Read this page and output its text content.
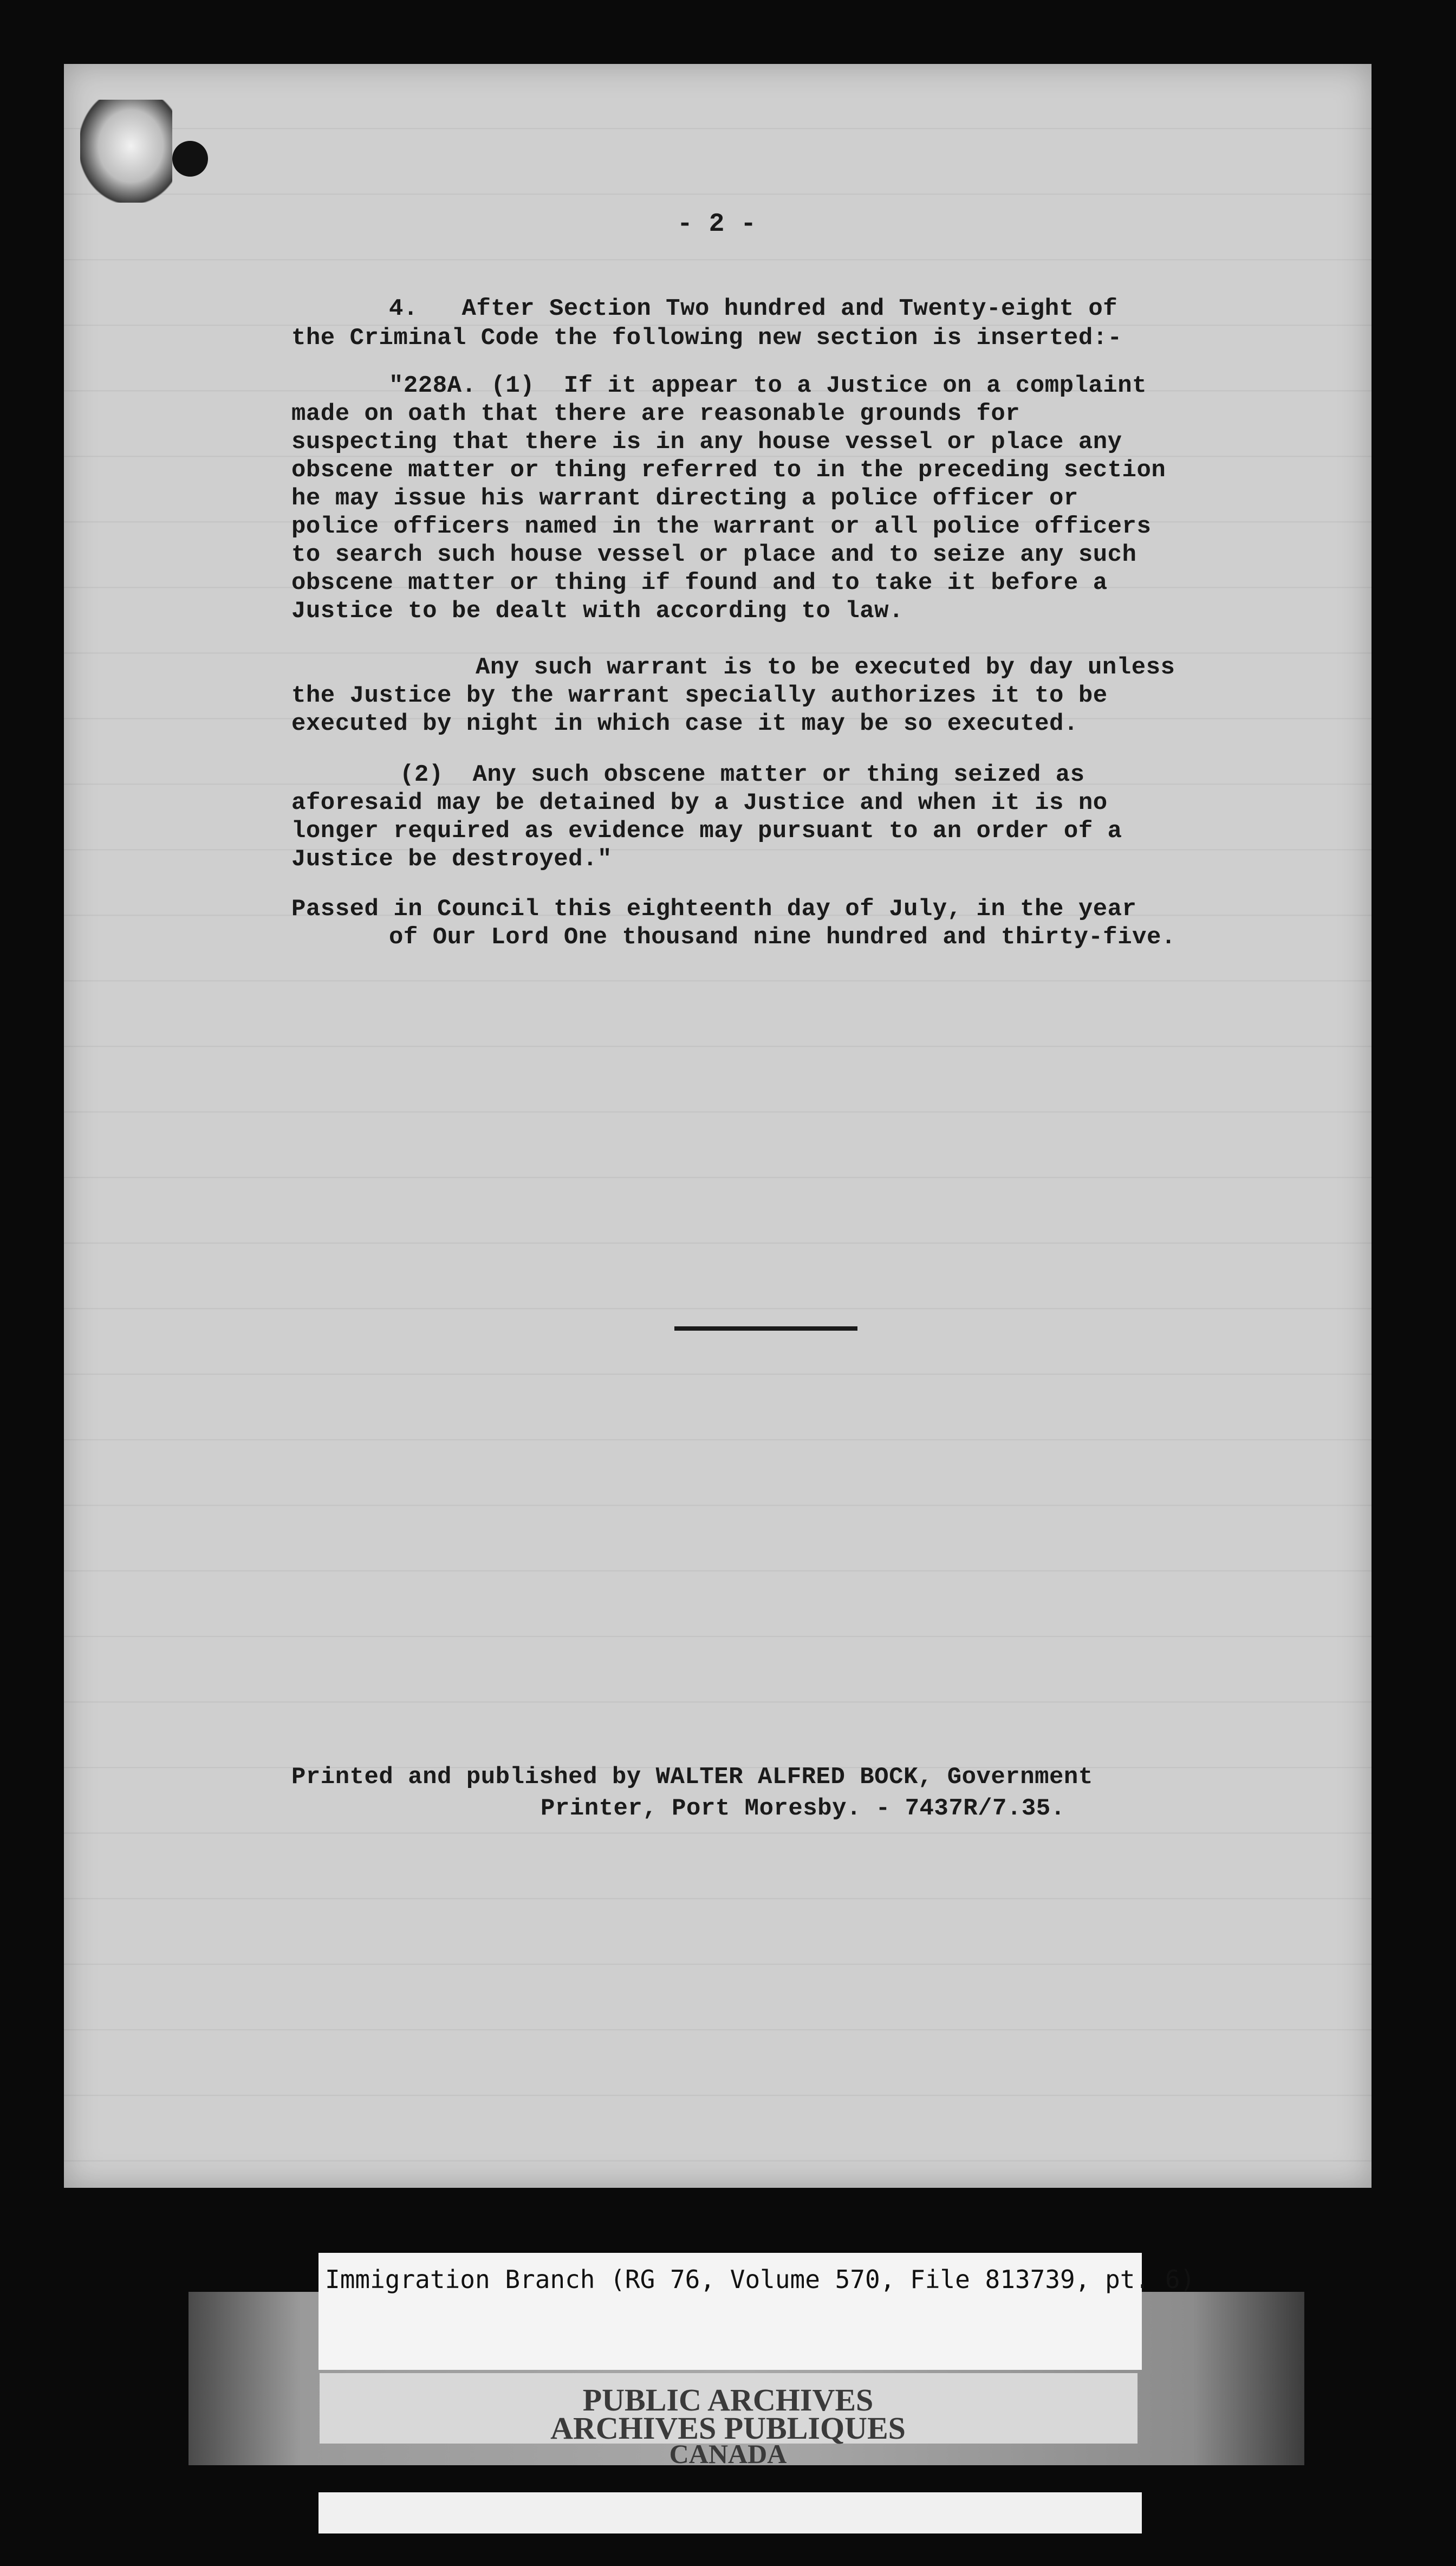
- 2 -
4.   After Section Two hundred and Twenty-eight of
the Criminal Code the following new section is inserted:-
"228A. (1)  If it appear to a Justice on a complaint
made on oath that there are reasonable grounds for
suspecting that there is in any house vessel or place any
obscene matter or thing referred to in the preceding section
he may issue his warrant directing a police officer or
police officers named in the warrant or all police officers
to search such house vessel or place and to seize any such
obscene matter or thing if found and to take it before a
Justice to be dealt with according to law.
Any such warrant is to be executed by day unless
the Justice by the warrant specially authorizes it to be
executed by night in which case it may be so executed.
(2)  Any such obscene matter or thing seized as
aforesaid may be detained by a Justice and when it is no
longer required as evidence may pursuant to an order of a
Justice be destroyed."
Passed in Council this eighteenth day of July, in the year
of Our Lord One thousand nine hundred and thirty-five.
Printed and published by WALTER ALFRED BOCK, Government
Printer, Port Moresby. - 7437R/7.35.
Immigration Branch (RG 76, Volume 570, File 813739, pt. 6)
PUBLIC ARCHIVES
ARCHIVES PUBLIQUES
CANADA
